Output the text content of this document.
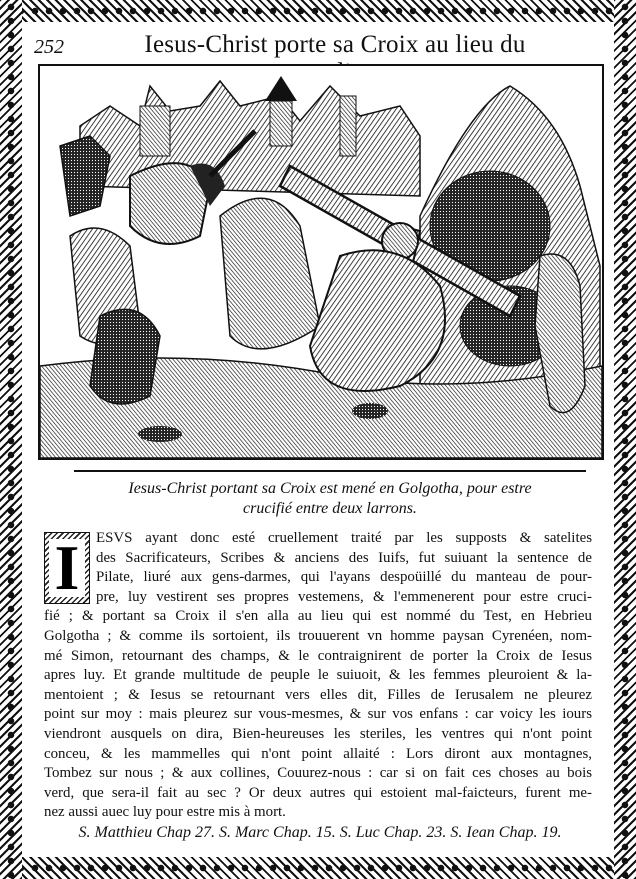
252	Iesus-Christ porte sa Croix au lieu du
Iesus-Christ portant sa Croix est mené en Golgotha, pour estre
crucifié entre deux larrons.
I	ESVS ayant donc esté cruellement traité par les supposts & satelites
des Sacrificateurs, Scribes & anciens des Iuifs, fut suiuant la sentence de
Pilate, liuré aux gens-darmes, qui l'ayans despoüillé du manteau de pour-
pre, luy vestirent ses propres vestemens, & l'emmenerent pour estre cruci-
fié ; & portant sa Croix il s'en alla au lieu qui est nommé du Test, en Hebrieu
Golgotha ; & comme ils sortoient, ils trouuerent vn homme paysan Cyrenéen, nom-
mé Simon, retournant des champs, & le contraignirent de porter la Croix de Iesus
apres luy. Et grande multitude de peuple le suiuoit, & les femmes pleuroient & la-
mentoient ; & Iesus se retournant vers elles dit, Filles de Ierusalem ne pleurez
point sur moy : mais pleurez sur vous-mesmes, & sur vos enfans : car voicy les iours
viendront ausquels on dira, Bien-heureuses les steriles, les ventres qui n'ont point
conceu, & les mammelles qui n'ont point allaité : Lors diront aux montagnes,
Tombez sur nous ; & aux collines, Couurez-nous : car si on fait ces choses au bois
verd, que sera-il fait au sec ? Or deux autres qui estoient mal-faicteurs, furent me-
nez aussi auec luy pour estre mis à mort.
S. Matthieu Chap 27. S. Marc Chap. 15. S. Luc Chap. 23. S. Iean Chap. 19.
